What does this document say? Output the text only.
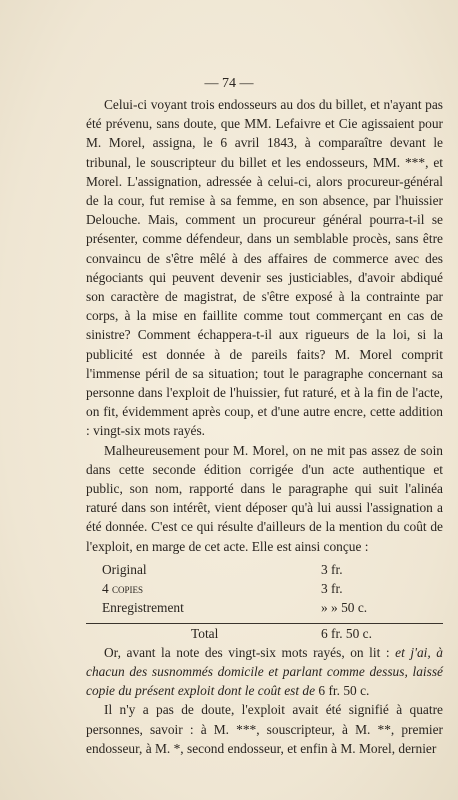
— 74 —

Celui-ci voyant trois endosseurs au dos du billet, et n'ayant pas été prévenu, sans doute, que MM. Lefaivre et Cie agissaient pour M. Morel, assigna, le 6 avril 1843, à comparaître devant le tribunal, le souscripteur du billet et les endosseurs, MM. ***, et Morel. L'assignation, adressée à celui-ci, alors procureur-général de la cour, fut remise à sa femme, en son absence, par l'huissier Delouche. Mais, comment un procureur général pourra-t-il se présenter, comme défendeur, dans un semblable procès, sans être convaincu de s'être mêlé à des affaires de commerce avec des négociants qui peuvent devenir ses justiciables, d'avoir abdiqué son caractère de magistrat, de s'être exposé à la contrainte par corps, à la mise en faillite comme tout commerçant en cas de sinistre? Comment échappera-t-il aux rigueurs de la loi, si la publicité est donnée à de pareils faits? M. Morel comprit l'immense péril de sa situation; tout le paragraphe concernant sa personne dans l'exploit de l'huissier, fut raturé, et à la fin de l'acte, on fit, évidemment après coup, et d'une autre encre, cette addition : vingt-six mots rayés.

Malheureusement pour M. Morel, on ne mit pas assez de soin dans cette seconde édition corrigée d'un acte authentique et public, son nom, rapporté dans le paragraphe qui suit l'alinéa raturé dans son intérêt, vient déposer qu'à lui aussi l'assignation a été donnée. C'est ce qui résulte d'ailleurs de la mention du coût de l'exploit, en marge de cet acte. Elle est ainsi conçue :

Original	3 fr.
4 copies	3 fr.
Enregistrement	» » 50 c.
Total	6 fr. 50 c.

Or, avant la note des vingt-six mots rayés, on lit : et j'ai, à chacun des susnommés domicile et parlant comme dessus, laissé copie du présent exploit dont le coût est de 6 fr. 50 c.

Il n'y a pas de doute, l'exploit avait été signifié à quatre personnes, savoir : à M. ***, souscripteur, à M. **, premier endosseur, à M. *, second endosseur, et enfin à M. Morel, dernier
